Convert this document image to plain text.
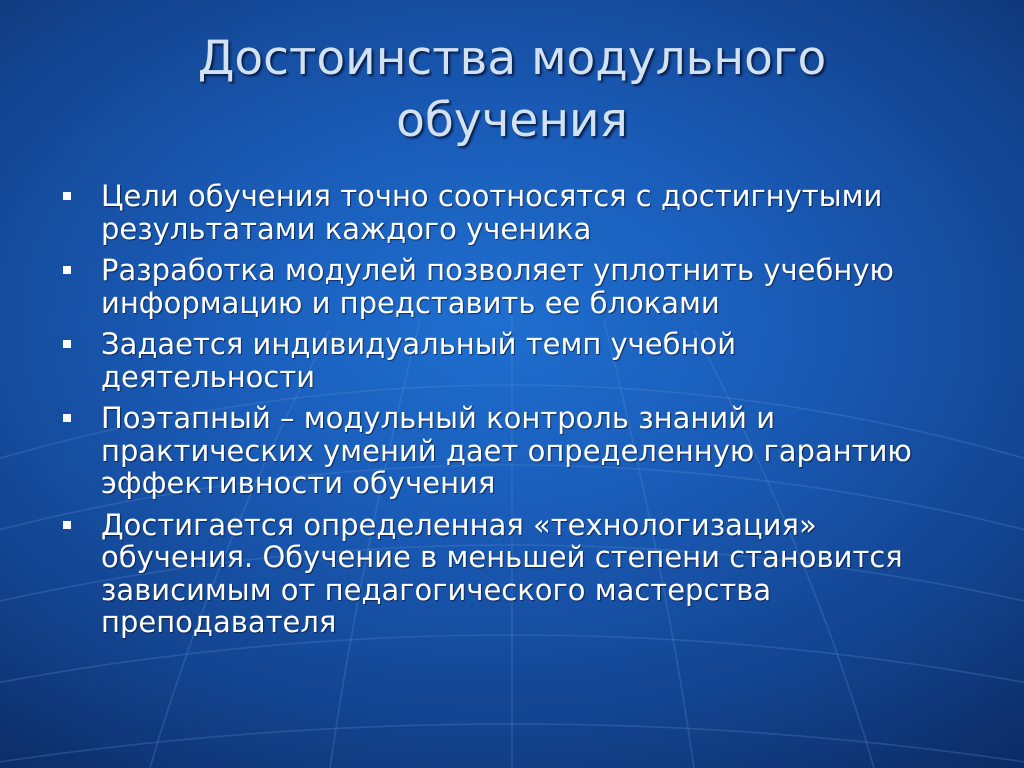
Достоинства модульного
обучения
Цели обучения точно соотносятся с достигнутыми результатами каждого ученика
Разработка модулей позволяет уплотнить учебную информацию и представить ее блоками
Задается индивидуальный темп учебной деятельности
Поэтапный – модульный контроль знаний и практических умений дает определенную гарантию эффективности обучения
Достигается определенная «технологизация» обучения. Обучение в меньшей степени становится зависимым от педагогического мастерства преподавателя
